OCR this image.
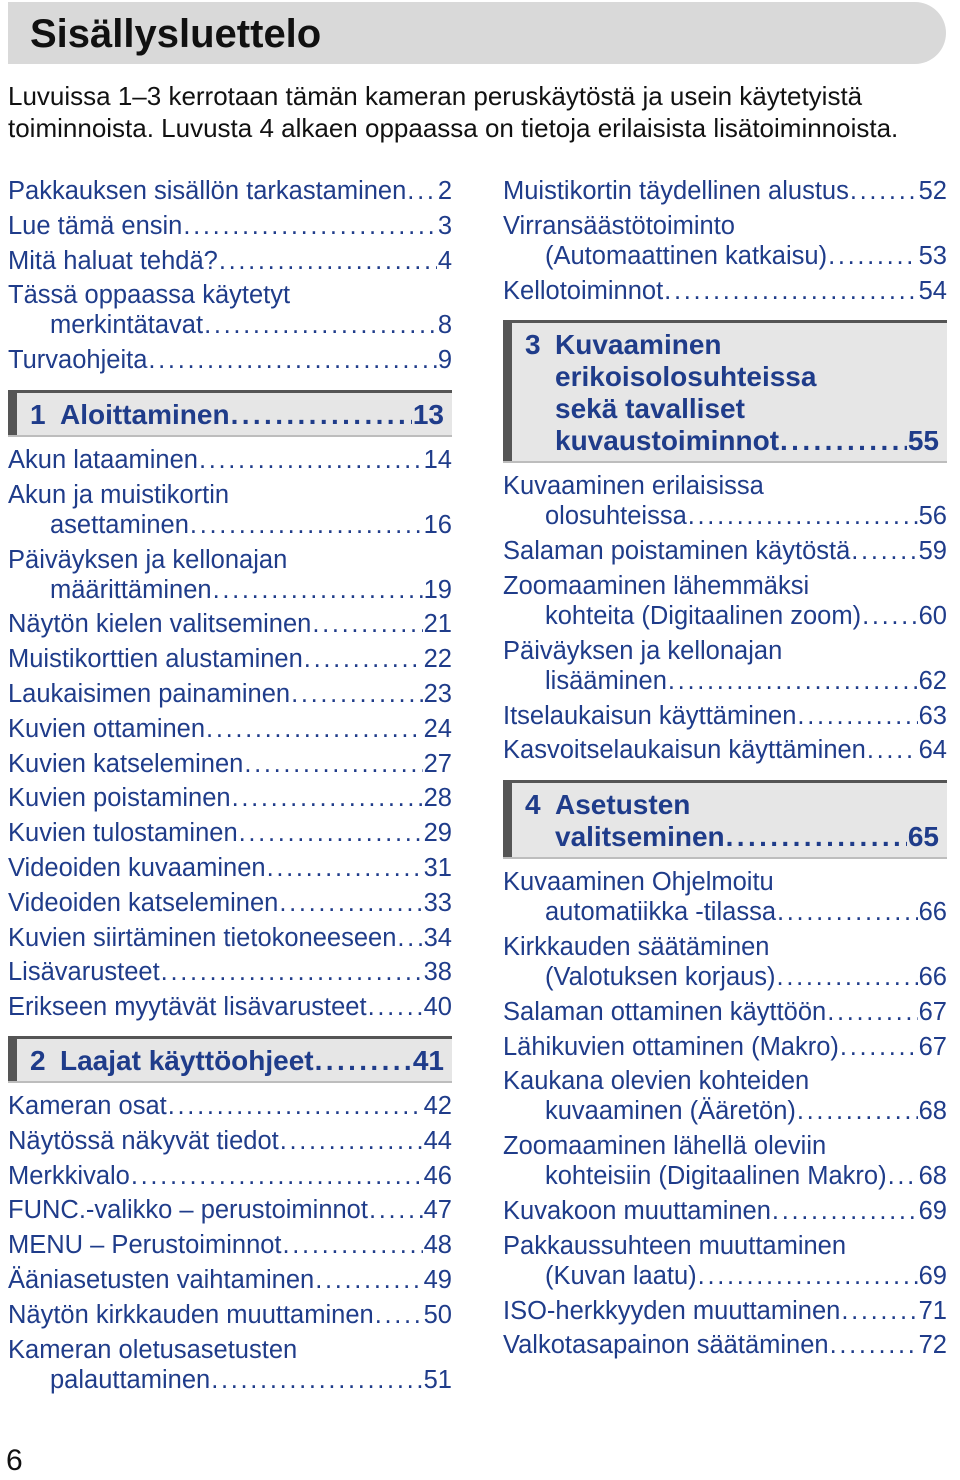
Sisällysluettelo
Luvuissa 1–3 kerrotaan tämän kameran peruskäytöstä ja usein käytetyistä toiminnoista. Luvusta 4 alkaen oppaassa on tietoja erilaisista lisätoiminnoista.
Pakkauksen sisällön tarkastaminen . . . 2
Lue tämä ensin . . .	3
Mitä haluat tehdä? . . .	4
Tässä oppaassa käytetyt
merkintätavat . . .	8
Turvaohjeita . . .	9
1 Aloittaminen . . .	13
Akun lataaminen . . .	14
Akun ja muistikortin
asettaminen . . .	16
Päiväyksen ja kellonajan
määrittäminen . . .	19
Näytön kielen valitseminen . . .	21
Muistikorttien alustaminen . . .	22
Laukaisimen painaminen . . .	23
Kuvien ottaminen . . .	24
Kuvien katseleminen . . .	27
Kuvien poistaminen . . .	28
Kuvien tulostaminen . . .	29
Videoiden kuvaaminen . . .	31
Videoiden katseleminen . . .	33
Kuvien siirtäminen tietokoneeseen . . . 34
Lisävarusteet . . .	38
Erikseen myytävät lisävarusteet . . . 40
2 Laajat käyttöohjeet . . .	41
Kameran osat . . .	42
Näytössä näkyvät tiedot . . .	44
Merkkivalo . . .	46
FUNC.-valikko – perustoiminnot . . . 47
MENU – Perustoiminnot . . .	48
Ääniasetusten vaihtaminen . . .	49
Näytön kirkkauden muuttaminen . . . 50
Kameran oletusasetusten
palauttaminen . . .	51
Muistikortin täydellinen alustus . . .	52
Virransäästötoiminto
(Automaattinen katkaisu) . . .	53
Kellotoiminnot . . .	54
3 Kuvaaminen
erikoisolosuhteissa
sekä tavalliset
kuvaustoiminnot . . .	55
Kuvaaminen erilaisissa
olosuhteissa . . .	56
Salaman poistaminen käytöstä . . .	59
Zoomaaminen lähemmäksi
kohteita (Digitaalinen zoom) . . . 60
Päiväyksen ja kellonajan
lisääminen . . .	62
Itselaukaisun käyttäminen . . .	63
Kasvoitselaukaisun käyttäminen . . . 64
4 Asetusten
valitseminen . . .	65
Kuvaaminen Ohjelmoitu
automatiikka -tilassa . . .	66
Kirkkauden säätäminen
(Valotuksen korjaus) . . .	66
Salaman ottaminen käyttöön . . .	67
Lähikuvien ottaminen (Makro) . . .	67
Kaukana olevien kohteiden
kuvaaminen (Ääretön) . . .	68
Zoomaaminen lähellä oleviin
kohteisiin (Digitaalinen Makro) . . . 68
Kuvakoon muuttaminen . . .	69
Pakkaussuhteen muuttaminen
(Kuvan laatu) . . .	69
ISO-herkkyyden muuttaminen . . .	71
Valkotasapainon säätäminen . . .	72
6
